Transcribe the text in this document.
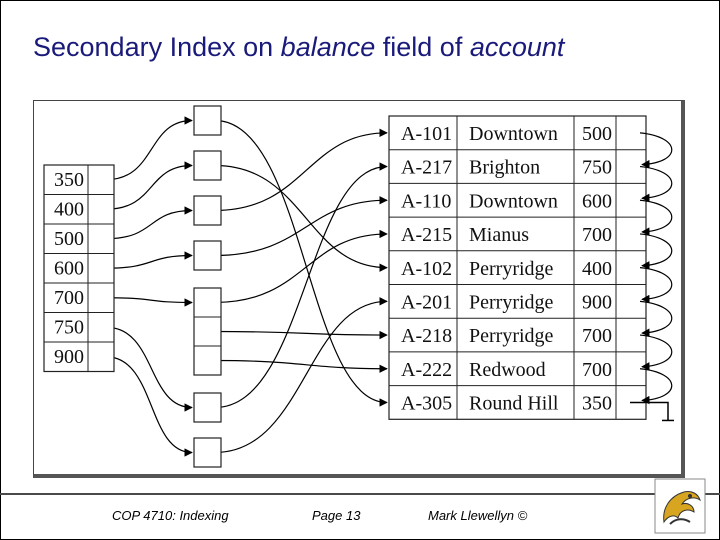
Secondary Index on balance field of account
350
400
500
600
700
750
900
A-101 Downtown 500
A-217 Brighton 750
A-110 Downtown 600
A-215 Mianus	700
A-102 Perryridge 400
A-201 Perryridge 900
A-218 Perryridge 700
A-222 Redwood 700
A-305 Round Hill 350
COP 4710: Indexing	Page 13	Mark Llewellyn ©
